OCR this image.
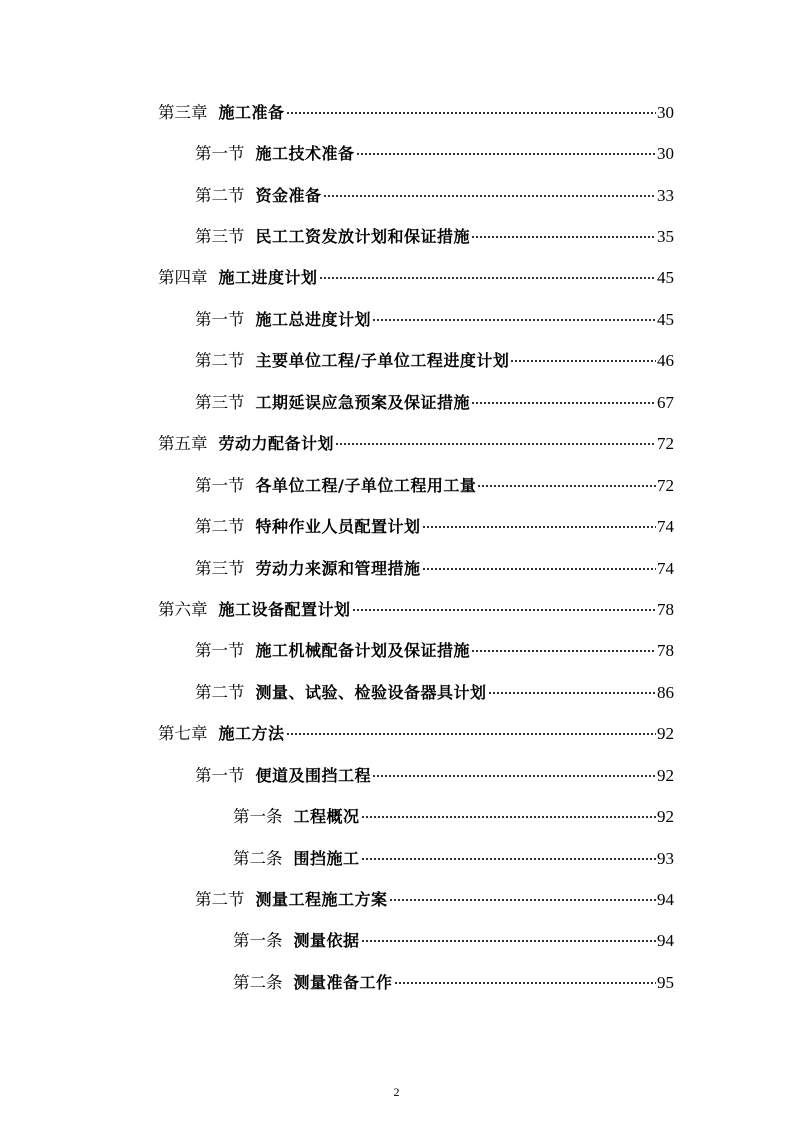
第三章 施工准备	30
第一节 施工技术准备	30
第二节 资金准备	33
第三节 民工工资发放计划和保证措施	35
第四章 施工进度计划	45
第一节 施工总进度计划	45
第二节 主要单位工程/子单位工程进度计划	46
第三节 工期延误应急预案及保证措施	67
第五章 劳动力配备计划	72
第一节 各单位工程/子单位工程用工量	72
第二节 特种作业人员配置计划	74
第三节 劳动力来源和管理措施	74
第六章 施工设备配置计划	78
第一节 施工机械配备计划及保证措施	78
第二节 测量、试验、检验设备器具计划	86
第七章 施工方法	92
第一节 便道及围挡工程	92
第一条 工程概况	92
第二条 围挡施工	93
第二节 测量工程施工方案	94
第一条 测量依据	94
第二条 测量准备工作	95
2
